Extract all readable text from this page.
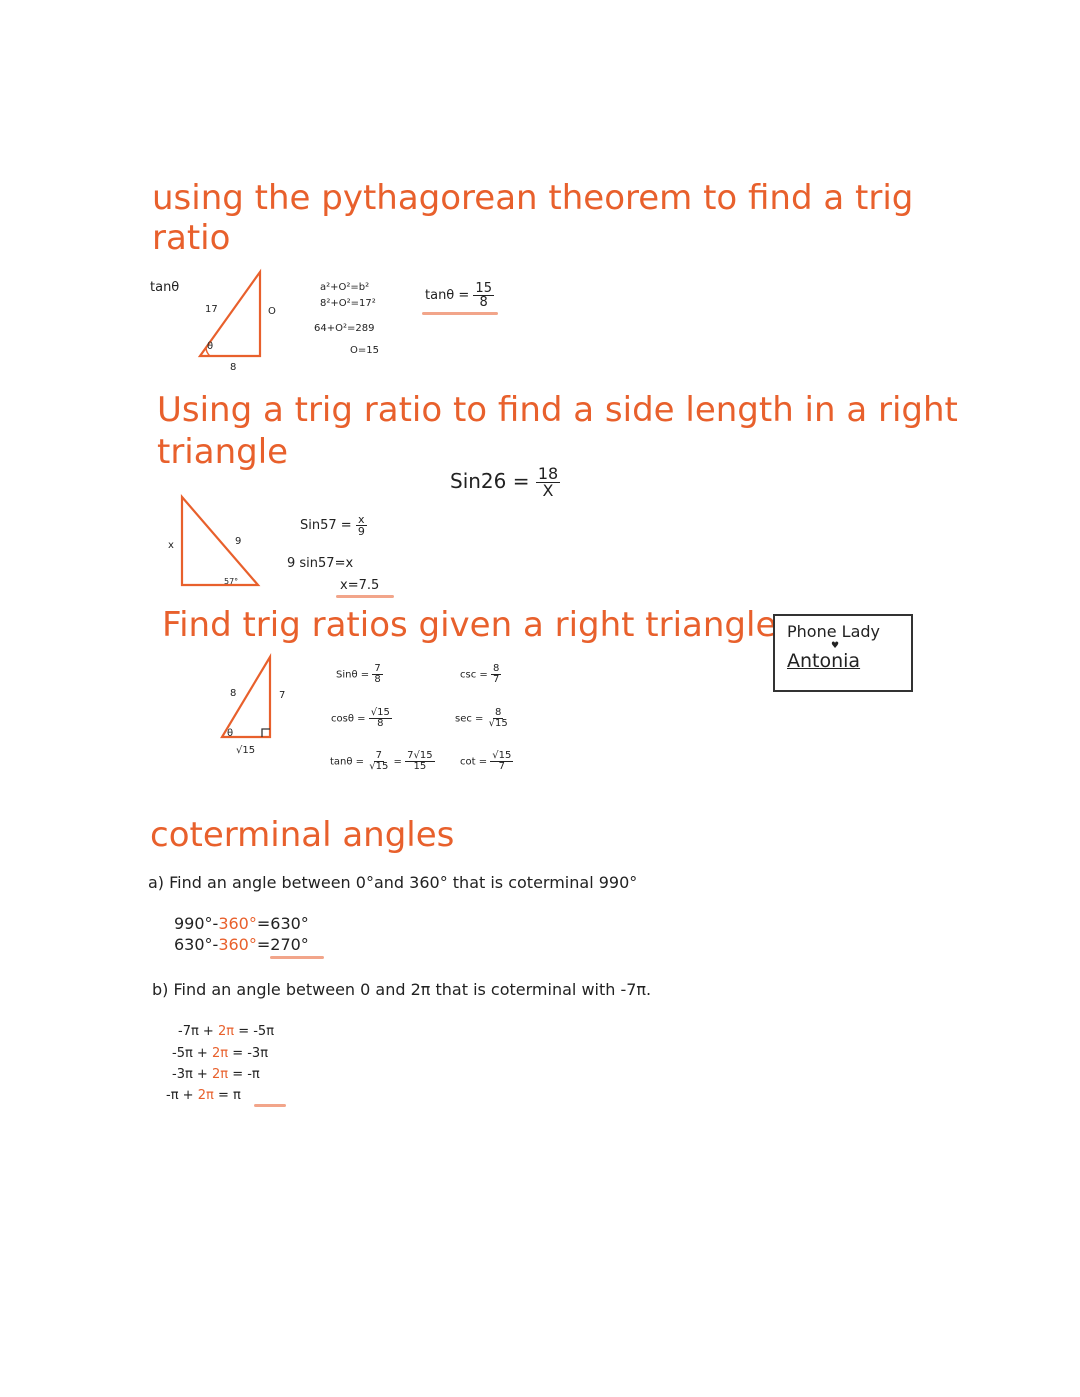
using the pythagorean theorem to find a trig
ratio
tanθ
17	O
θ
8
a²+O²=b²
8²+O²=17²
64+O²=289
O=15
$\tan\theta = \frac{15}{8}$
Using a trig ratio to find a side length in a right
triangle
$Sin26 = \frac{18}{X}$
x	9
57°
$Sin57 = \frac{x}{9}$
9 sin57=x
x=7.5
Find trig ratios given a right triangle Phone Lady
♥
Antonia
8	7
θ
√15
$Sin\theta = \frac{7}{8}$
$\cos\theta = \frac{√15}{8}$
$\tan\theta = \frac{7}{√15} = \frac{7√15}{15}$
$\csc = \frac{8}{7}$
$\sec = \frac{8}{√15}$
$\cot = \frac{√15}{7}$
coterminal angles
a) Find an angle between 0°and 360° that is coterminal 990°
990°-360°=630°
630°-360°=270°
b) Find an angle between 0 and 2π that is coterminal with -7π.
-7π + 2π = -5π
-5π + 2π = -3π
-3π + 2π = -π
-π + 2π = π
